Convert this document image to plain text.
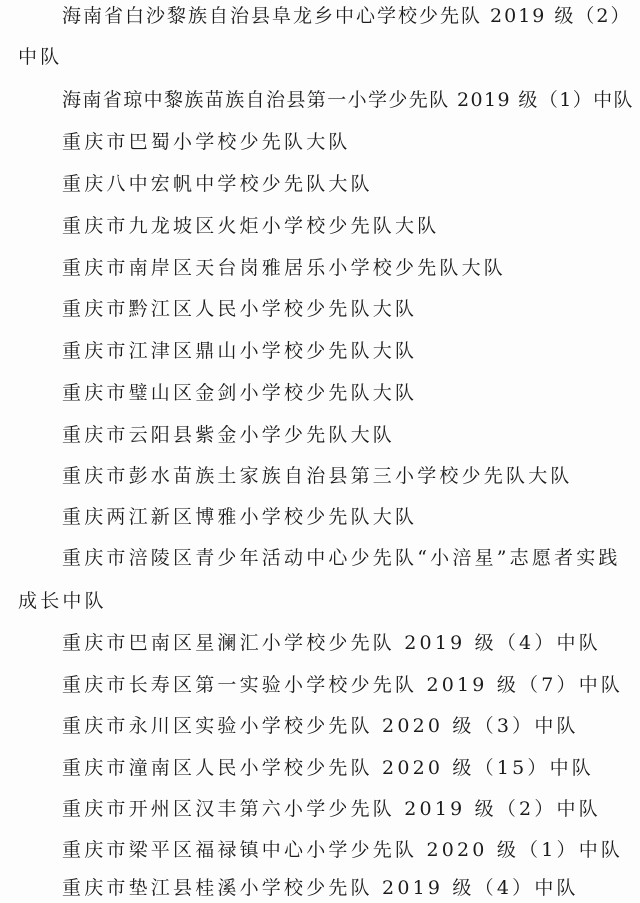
海南省白沙黎族自治县阜龙乡中心学校少先队 2019 级（2）
中队
海南省琼中黎族苗族自治县第一小学少先队 2019 级（1）中队
重庆市巴蜀小学校少先队大队
重庆八中宏帆中学校少先队大队
重庆市九龙坡区火炬小学校少先队大队
重庆市南岸区天台岗雅居乐小学校少先队大队
重庆市黔江区人民小学校少先队大队
重庆市江津区鼎山小学校少先队大队
重庆市璧山区金剑小学校少先队大队
重庆市云阳县紫金小学少先队大队
重庆市彭水苗族土家族自治县第三小学校少先队大队
重庆两江新区博雅小学校少先队大队
重庆市涪陵区青少年活动中心少先队“小涪星”志愿者实践
成长中队
重庆市巴南区星澜汇小学校少先队 2019 级（4）中队
重庆市长寿区第一实验小学校少先队 2019 级（7）中队
重庆市永川区实验小学校少先队 2020 级（3）中队
重庆市潼南区人民小学校少先队 2020 级（15）中队
重庆市开州区汉丰第六小学少先队 2019 级（2）中队
重庆市梁平区福禄镇中心小学少先队 2020 级（1）中队
重庆市垫江县桂溪小学校少先队 2019 级（4）中队
